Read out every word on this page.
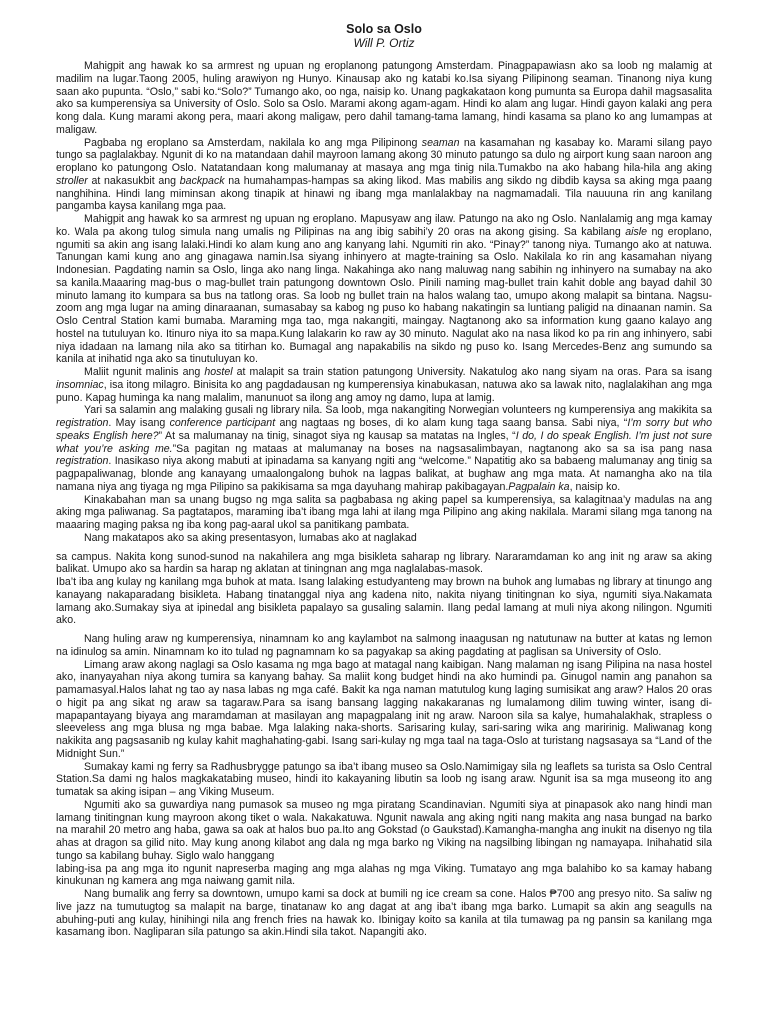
Solo sa Oslo

Will P. Ortiz

Mahigpit ang hawak ko sa armrest ng upuan ng eroplanong patungong Amsterdam. Pinagpapawiasn ako sa loob ng malamig at madilim na lugar.Taong 2005, huling arawiyon ng Hunyo. Kinausap ako ng katabi ko.Isa siyang Pilipinong seaman. Tinanong niya kung saan ako pupunta. “Oslo,” sabi ko.“Solo?” Tumango ako, oo nga, naisip ko. Unang pagkakataon kong pumunta sa Europa dahil magsasalita ako sa kumperensiya sa University of Oslo. Solo sa Oslo. Marami akong agam-agam. Hindi ko alam ang lugar. Hindi gayon kalaki ang pera kong dala. Kung marami akong pera, maari akong maligaw, pero dahil tamang-tama lamang, hindi kasama sa plano ko ang lumampas at maligaw.

Pagbaba ng eroplano sa Amsterdam, nakilala ko ang mga Pilipinong seaman na kasamahan ng kasabay ko. Marami silang payo tungo sa paglalakbay. Ngunit di ko na matandaan dahil mayroon lamang akong 30 minuto patungo sa dulo ng airport kung saan naroon ang eroplano ko patungong Oslo. Natatandaan kong malumanay at masaya ang mga tinig nila.Tumakbo na ako habang hila-hila ang aking stroller at nakasukbit ang backpack na humahampas-hampas sa aking likod. Mas mabilis ang sikdo ng dibdib kaysa sa aking mga paang nanghihina. Hindi lang miminsan akong tinapik at hinawi ng ibang mga manlalakbay na nagmamadali. Tila nauuuna rin ang kanilang pangamba kaysa kanilang mga paa.

Mahigpit ang hawak ko sa armrest ng upuan ng eroplano. Mapusyaw ang ilaw. Patungo na ako ng Oslo. Nanlalamig ang mga kamay ko. Wala pa akong tulog simula nang umalis ng Pilipinas na ang ibig sabihi’y 20 oras na akong gising. Sa kabilang aisle ng eroplano, ngumiti sa akin ang isang lalaki.Hindi ko alam kung ano ang kanyang lahi. Ngumiti rin ako. “Pinay?” tanong niya. Tumango ako at natuwa. Tanungan kami kung ano ang ginagawa namin.Isa siyang inhinyero at magte-training sa Oslo. Nakilala ko rin ang kasamahan niyang Indonesian. Pagdating namin sa Oslo, linga ako nang linga. Nakahinga ako nang maluwag nang sabihin ng inhinyero na sumabay na ako sa kanila.Maaaring mag-bus o mag-bullet train patungong downtown Oslo. Pinili naming mag-bullet train kahit doble ang bayad dahil 30 minuto lamang ito kumpara sa bus na tatlong oras. Sa loob ng bullet train na halos walang tao, umupo akong malapit sa bintana. Nagsu-zoom ang mga lugar na aming dinaraanan, sumasabay sa kabog ng puso ko habang nakatingin sa luntiang paligid na dinaanan namin. Sa Oslo Central Station kami bumaba. Maraming mga tao, mga nakangiti, maingay. Nagtanong ako sa information kung gaano kalayo ang hostel na tutuluyan ko. Itinuro niya ito sa mapa.Kung lalakarin ko raw ay 30 minuto. Nagulat ako na nasa likod ko pa rin ang inhinyero, sabi niya idadaan na lamang nila ako sa titirhan ko. Bumagal ang napakabilis na sikdo ng puso ko. Isang Mercedes-Benz ang sumundo sa kanila at inihatid nga ako sa tinutuluyan ko.

Maliit ngunit malinis ang hostel at malapit sa train station patungong University. Nakatulog ako nang siyam na oras. Para sa isang insomniac, isa itong milagro. Binisita ko ang pagdadausan ng kumperensiya kinabukasan, natuwa ako sa lawak nito, naglalakihan ang mga puno. Kapag huminga ka nang malalim, manunuot sa ilong ang amoy ng damo, lupa at lamig.

Yari sa salamin ang malaking gusali ng library nila. Sa loob, mga nakangiting Norwegian volunteers ng kumperensiya ang makikita sa registration. May isang conference participant ang nagtaas ng boses, di ko alam kung taga saang bansa. Sabi niya, “I’m sorry but who speaks English here?” At sa malumanay na tinig, sinagot siya ng kausap sa matatas na Ingles, “I do, I do speak English. I’m just not sure what you’re asking me.”Sa pagitan ng mataas at malumanay na boses na nagsasalimbayan, nagtanong ako sa sa isa pang nasa registration. Inasikaso niya akong mabuti at ipinadama sa kanyang ngiti ang “welcome.” Napatitig ako sa babaeng malumanay ang tinig sa pagpapaliwanag, blonde ang kanayang umaalongalong buhok na lagpas balikat, at bughaw ang mga mata. At namangha ako na tila namana niya ang tiyaga ng mga Pilipino sa pakikisama sa mga dayuhang mahirap pakibagayan.Pagpalain ka, naisip ko.

Kinakabahan man sa unang bugso ng mga salita sa pagbabasa ng aking papel sa kumperensiya, sa kalagitnaa’y madulas na ang aking mga paliwanag. Sa pagtatapos, maraming iba’t ibang mga lahi at ilang mga Pilipino ang aking nakilala. Marami silang mga tanong na maaaring maging paksa ng iba kong pag-aaral ukol sa panitikang pambata.

Nang makatapos ako sa aking presentasyon, lumabas ako at naglakad

sa campus. Nakita kong sunod-sunod na nakahilera ang mga bisikleta saharap ng library. Nararamdaman ko ang init ng araw sa aking balikat. Umupo ako sa hardin sa harap ng aklatan at tiningnan ang mga naglalabas-masok.

Iba’t iba ang kulay ng kanilang mga buhok at mata. Isang lalaking estudyanteng may brown na buhok ang lumabas ng library at tinungo ang kanayang nakaparadang bisikleta. Habang tinatanggal niya ang kadena nito, nakita niyang tinitingnan ko siya, ngumiti siya.Nakamata lamang ako.Sumakay siya at ipinedal ang bisikleta papalayo sa gusaling salamin. Ilang pedal lamang at muli niya akong nilingon. Ngumiti ako.

Nang huling araw ng kumperensiya, ninamnam ko ang kaylambot na salmong inaagusan ng natutunaw na butter at katas ng lemon na idinulog sa amin. Ninamnam ko ito tulad ng pagnamnam ko sa pagyakap sa aking pagdating at paglisan sa University of Oslo.

Limang araw akong naglagi sa Oslo kasama ng mga bago at matagal nang kaibigan. Nang malaman ng isang Pilipina na nasa hostel ako, inanyayahan niya akong tumira sa kanyang bahay. Sa maliit kong budget hindi na ako humindi pa. Ginugol namin ang panahon sa pamamasyal.Halos lahat ng tao ay nasa labas ng mga café. Bakit ka nga naman matutulog kung laging sumisikat ang araw? Halos 20 oras o higit pa ang sikat ng araw sa tagaraw.Para sa isang bansang lagging nakakaranas ng lumalamong dilim tuwing winter, isang di-mapapantayang biyaya ang maramdaman at masilayan ang mapagpalang init ng araw. Naroon sila sa kalye, humahalakhak, strapless o sleeveless ang mga blusa ng mga babae. Mga lalaking naka-shorts. Sarisaring kulay, sari-saring wika ang maririnig. Maliwanag kong nakikita ang pagsasanib ng kulay kahit maghahating-gabi. Isang sari-kulay ng mga taal na taga-Oslo at turistang nagsasaya sa “Land of the Midnight Sun.”

Sumakay kami ng ferry sa Radhusbrygge patungo sa iba’t ibang museo sa Oslo.Namimigay sila ng leaflets sa turista sa Oslo Central Station.Sa dami ng halos magkakatabing museo, hindi ito kakayaning libutin sa loob ng isang araw. Ngunit isa sa mga museong ito ang tumatak sa aking isipan – ang Viking Museum.

Ngumiti ako sa guwardiya nang pumasok sa museo ng mga piratang Scandinavian. Ngumiti siya at pinapasok ako nang hindi man lamang tinitingnan kung mayroon akong tiket o wala. Nakakatuwa. Ngunit nawala ang aking ngiti nang makita ang nasa bungad na barko na marahil 20 metro ang haba, gawa sa oak at halos buo pa.Ito ang Gokstad (o Gaukstad).Kamangha-mangha ang inukit na disenyo ng tila ahas at dragon sa gilid nito. May kung anong kilabot ang dala ng mga barko ng Viking na nagsilbing libingan ng namayapa. Inihahatid sila tungo sa kabilang buhay. Siglo walo hanggang

labing-isa pa ang mga ito ngunit napreserba maging ang mga alahas ng mga Viking. Tumatayo ang mga balahibo ko sa kamay habang kinukunan ng kamera ang mga naiwang gamit nila.

Nang bumalik ang ferry sa downtown, umupo kami sa dock at bumili ng ice cream sa cone. Halos ₱700 ang presyo nito. Sa saliw ng live jazz na tumutugtog sa malapit na barge, tinatanaw ko ang dagat at ang iba’t ibang mga barko. Lumapit sa akin ang seagulls na abuhing-puti ang kulay, hinihingi nila ang french fries na hawak ko. Ibinigay koito sa kanila at tila tumawag pa ng pansin sa kanilang mga kasamang ibon. Nagliparan sila patungo sa akin.Hindi sila takot. Napangiti ako.
